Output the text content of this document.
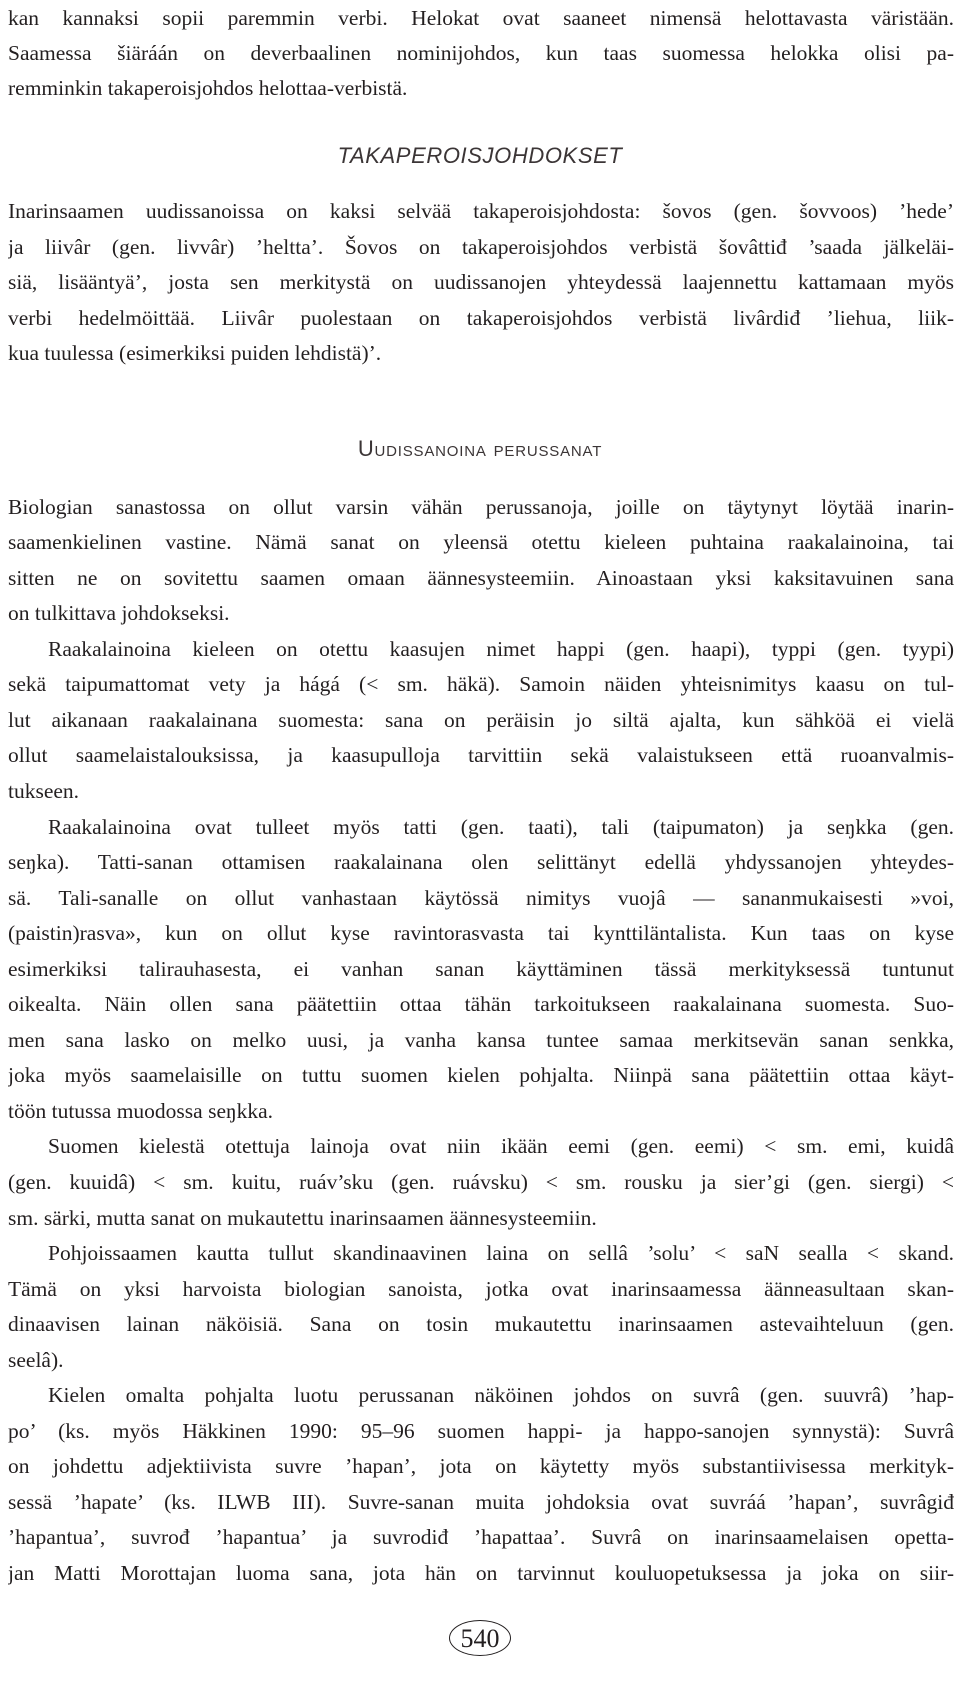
kan kannaksi sopii paremmin verbi. Helokat ovat saaneet nimensä helottavasta väristään.
Saamessa šiäráán on deverbaalinen nominijohdos, kun taas suomessa helokka olisi pa-
remminkin takaperoisjohdos helottaa-verbistä.
TAKAPEROISJOHDOKSET
Inarinsaamen uudissanoissa on kaksi selvää takaperoisjohdosta: šovos (gen. šovvoos) ’hede’
ja liivâr (gen. livvâr) ’heltta’. Šovos on takaperoisjohdos verbistä šovâttiđ ’saada jälkeläi-
siä, lisääntyä’, josta sen merkitystä on uudissanojen yhteydessä laajennettu kattamaan myös
verbi hedelmöittää. Liivâr puolestaan on takaperoisjohdos verbistä livârdiđ ’liehua, liik-
kua tuulessa (esimerkiksi puiden lehdistä)’.
Uudissanoina perussanat
Biologian sanastossa on ollut varsin vähän perussanoja, joille on täytynyt löytää inarin-
saamenkielinen vastine. Nämä sanat on yleensä otettu kieleen puhtaina raakalainoina, tai
sitten ne on sovitettu saamen omaan äännesysteemiin. Ainoastaan yksi kaksitavuinen sana
on tulkittava johdokseksi.
Raakalainoina kieleen on otettu kaasujen nimet happi (gen. haapi), typpi (gen. tyypi)
sekä taipumattomat vety ja hágá (< sm. häkä). Samoin näiden yhteisnimitys kaasu on tul-
lut aikanaan raakalainana suomesta: sana on peräisin jo siltä ajalta, kun sähköä ei vielä
ollut saamelaistalouksissa, ja kaasupulloja tarvittiin sekä valaistukseen että ruoanvalmis-
tukseen.
Raakalainoina ovat tulleet myös tatti (gen. taati), tali (taipumaton) ja seŋkka (gen.
seŋka). Tatti-sanan ottamisen raakalainana olen selittänyt edellä yhdyssanojen yhteydes-
sä. Tali-sanalle on ollut vanhastaan käytössä nimitys vuojâ — sananmukaisesti »voi,
(paistin)rasva», kun on ollut kyse ravintorasvasta tai kynttiläntalista. Kun taas on kyse
esimerkiksi talirauhasesta, ei vanhan sanan käyttäminen tässä merkityksessä tuntunut
oikealta. Näin ollen sana päätettiin ottaa tähän tarkoitukseen raakalainana suomesta. Suo-
men sana lasko on melko uusi, ja vanha kansa tuntee samaa merkitsevän sanan senkka,
joka myös saamelaisille on tuttu suomen kielen pohjalta. Niinpä sana päätettiin ottaa käyt-
töön tutussa muodossa seŋkka.
Suomen kielestä otettuja lainoja ovat niin ikään eemi (gen. eemi) < sm. emi, kuidâ
(gen. kuuidâ) < sm. kuitu, ruáv’sku (gen. ruávsku) < sm. rousku ja sier’gi (gen. siergi) <
sm. särki, mutta sanat on mukautettu inarinsaamen äännesysteemiin.
Pohjoissaamen kautta tullut skandinaavinen laina on sellâ ’solu’ < saN sealla < skand.
Tämä on yksi harvoista biologian sanoista, jotka ovat inarinsaamessa äänneasultaan skan-
dinaavisen lainan näköisiä. Sana on tosin mukautettu inarinsaamen astevaihteluun (gen.
seelâ).
Kielen omalta pohjalta luotu perussanan näköinen johdos on suvrâ (gen. suuvrâ) ’hap-
po’ (ks. myös Häkkinen 1990: 95–96 suomen happi- ja happo-sanojen synnystä): Suvrâ
on johdettu adjektiivista suvre ’hapan’, jota on käytetty myös substantiivisessa merkityk-
sessä ’hapate’ (ks. ILWB III). Suvre-sanan muita johdoksia ovat suvráá ’hapan’, suvrâgiđ
’hapantua’, suvrođ ’hapantua’ ja suvrodiđ ’hapattaa’. Suvrâ on inarinsaamelaisen opetta-
jan Matti Morottajan luoma sana, jota hän on tarvinnut kouluopetuksessa ja joka on siir-
540
